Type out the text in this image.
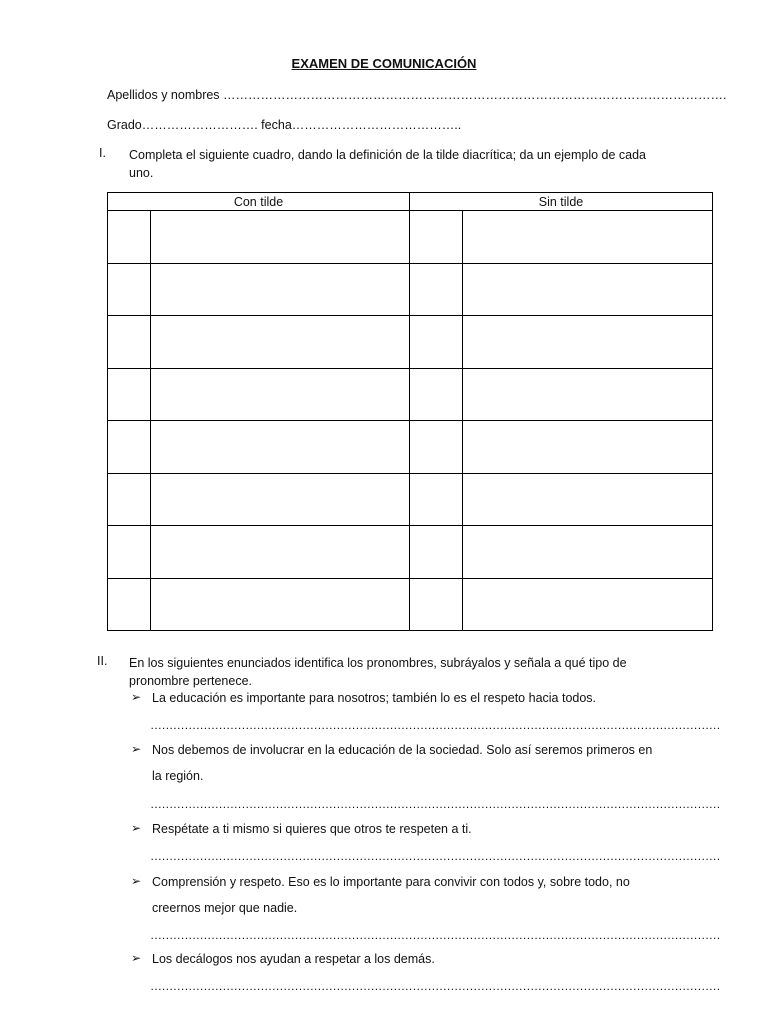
EXAMEN DE COMUNICACIÓN
Apellidos y nombres ………………………………………………………………………………………………………….
Grado………………………. fecha…………………………………..
I. Completa el siguiente cuadro, dando la definición de la tilde diacrítica; da un ejemplo de cada uno.
Con tilde		Sin tilde	

II. En los siguientes enunciados identifica los pronombres, subráyalos y señala a qué tipo de pronombre pertenece.
➢ La educación es importante para nosotros; también lo es el respeto hacia todos.
……………………………………………………………………………………………………………………………………
➢ Nos debemos de involucrar en la educación de la sociedad. Solo así seremos primeros en la región.
……………………………………………………………………………………………………………………………………
➢ Respétate a ti mismo si quieres que otros te respeten a ti.
……………………………………………………………………………………………………………………………………
➢ Comprensión y respeto. Eso es lo importante para convivir con todos y, sobre todo, no creernos mejor que nadie.
……………………………………………………………………………………………………………………………………
➢ Los decálogos nos ayudan a respetar a los demás.
……………………………………………………………………………………………………………………………………
